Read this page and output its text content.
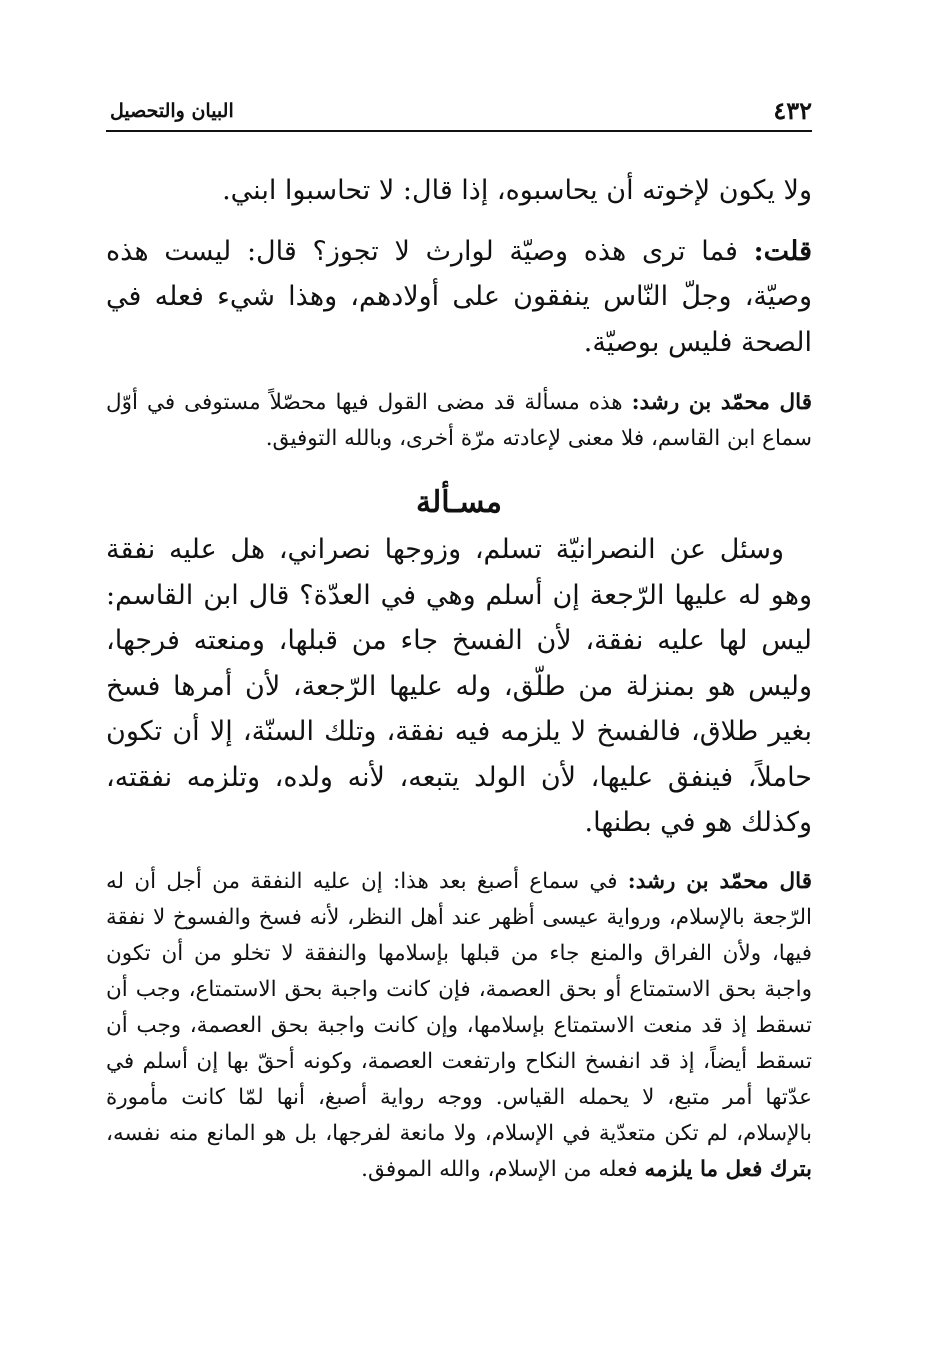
٤٣٢
البيان والتحصيل

ولا يكون لإخوته أن يحاسبوه، إذا قال: لا تحاسبوا ابني.

قلت: فما ترى هذه وصيّة لوارث لا تجوز؟ قال: ليست هذه وصيّة، وجلّ النّاس ينفقون على أولادهم، وهذا شيء فعله في الصحة فليس بوصيّة.

قال محمّد بن رشد: هذه مسألة قد مضى القول فيها محصّلاً مستوفى في أوّل سماع ابن القاسم، فلا معنى لإعادته مرّة أخرى، وبالله التوفيق.

مسـألة

وسئل عن النصرانيّة تسلم، وزوجها نصراني، هل عليه نفقة وهو له عليها الرّجعة إن أسلم وهي في العدّة؟ قال ابن القاسم: ليس لها عليه نفقة، لأن الفسخ جاء من قبلها، ومنعته فرجها، وليس هو بمنزلة من طلّق، وله عليها الرّجعة، لأن أمرها فسخ بغير طلاق، فالفسخ لا يلزمه فيه نفقة، وتلك السنّة، إلا أن تكون حاملاً، فينفق عليها، لأن الولد يتبعه، لأنه ولده، وتلزمه نفقته، وكذلك هو في بطنها.

قال محمّد بن رشد: في سماع أصبغ بعد هذا: إن عليه النفقة من أجل أن له الرّجعة بالإسلام، ورواية عيسى أظهر عند أهل النظر، لأنه فسخ والفسوخ لا نفقة فيها، ولأن الفراق والمنع جاء من قبلها بإسلامها والنفقة لا تخلو من أن تكون واجبة بحق الاستمتاع أو بحق العصمة، فإن كانت واجبة بحق الاستمتاع، وجب أن تسقط إذ قد منعت الاستمتاع بإسلامها، وإن كانت واجبة بحق العصمة، وجب أن تسقط أيضاً، إذ قد انفسخ النكاح وارتفعت العصمة، وكونه أحقّ بها إن أسلم في عدّتها أمر متبع، لا يحمله القياس. ووجه رواية أصبغ، أنها لمّا كانت مأمورة بالإسلام، لم تكن متعدّية في الإسلام، ولا مانعة لفرجها، بل هو المانع منه نفسه، بترك فعل ما يلزمه فعله من الإسلام، والله الموفق.
